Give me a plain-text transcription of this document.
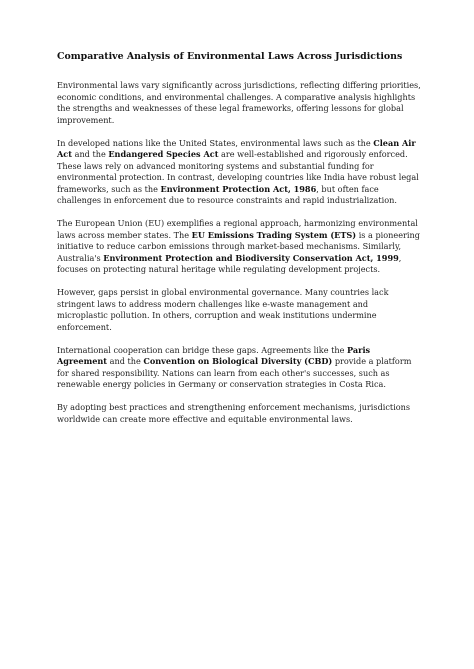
Comparative Analysis of Environmental Laws Across Jurisdictions

Environmental laws vary significantly across jurisdictions, reflecting differing priorities, economic conditions, and environmental challenges. A comparative analysis highlights the strengths and weaknesses of these legal frameworks, offering lessons for global improvement.

In developed nations like the United States, environmental laws such as the Clean Air Act and the Endangered Species Act are well-established and rigorously enforced. These laws rely on advanced monitoring systems and substantial funding for environmental protection. In contrast, developing countries like India have robust legal frameworks, such as the Environment Protection Act, 1986, but often face challenges in enforcement due to resource constraints and rapid industrialization.

The European Union (EU) exemplifies a regional approach, harmonizing environmental laws across member states. The EU Emissions Trading System (ETS) is a pioneering initiative to reduce carbon emissions through market-based mechanisms. Similarly, Australia's Environment Protection and Biodiversity Conservation Act, 1999, focuses on protecting natural heritage while regulating development projects.

However, gaps persist in global environmental governance. Many countries lack stringent laws to address modern challenges like e-waste management and microplastic pollution. In others, corruption and weak institutions undermine enforcement.

International cooperation can bridge these gaps. Agreements like the Paris Agreement and the Convention on Biological Diversity (CBD) provide a platform for shared responsibility. Nations can learn from each other's successes, such as renewable energy policies in Germany or conservation strategies in Costa Rica.

By adopting best practices and strengthening enforcement mechanisms, jurisdictions worldwide can create more effective and equitable environmental laws.
